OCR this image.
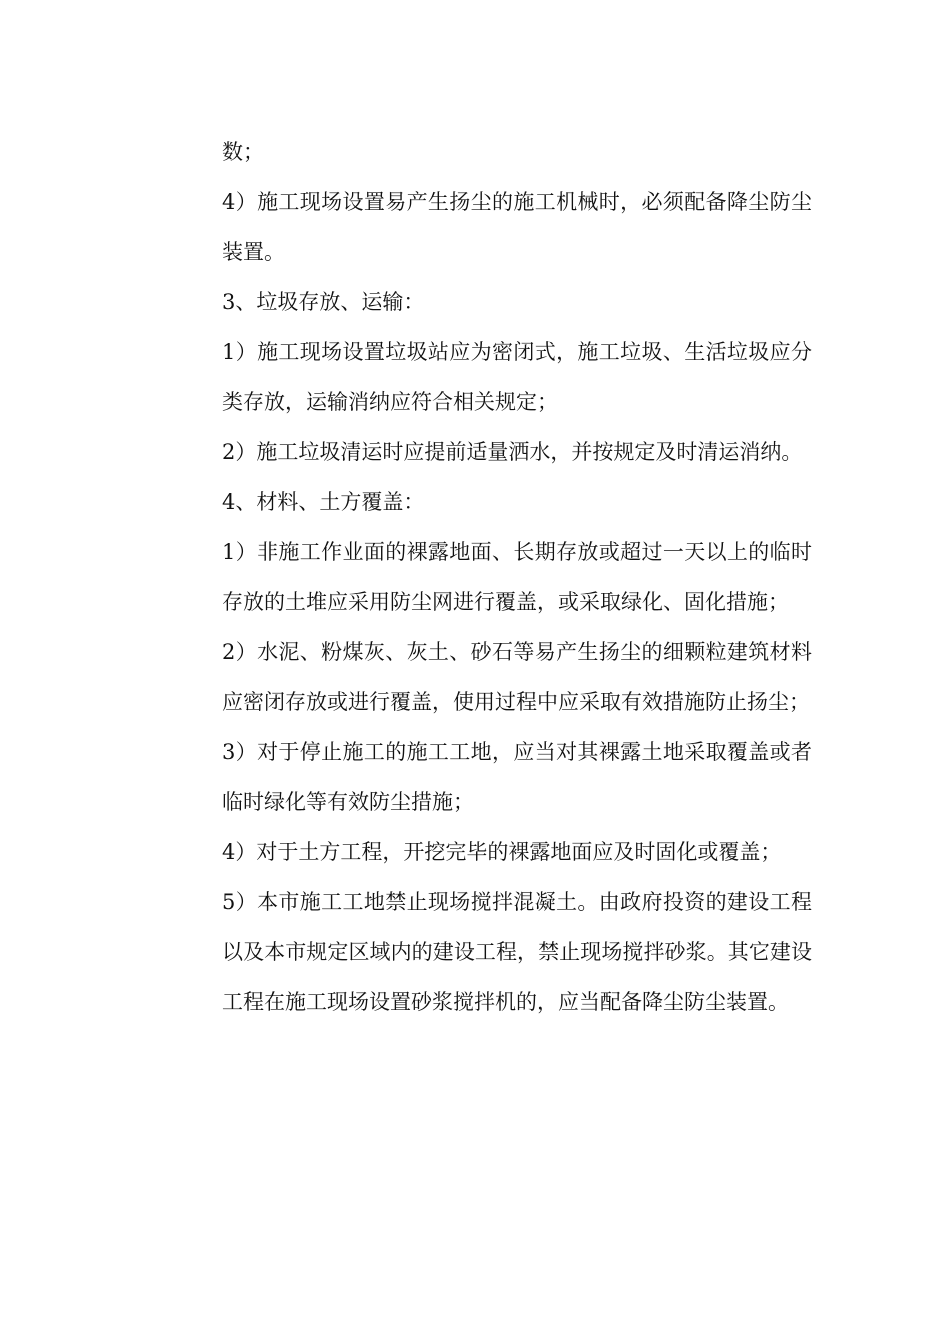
数；

4）施工现场设置易产生扬尘的施工机械时，必须配备降尘防尘装置。

3、垃圾存放、运输：

1）施工现场设置垃圾站应为密闭式，施工垃圾、生活垃圾应分类存放，运输消纳应符合相关规定；

2）施工垃圾清运时应提前适量洒水，并按规定及时清运消纳。

4、材料、土方覆盖：

1）非施工作业面的裸露地面、长期存放或超过一天以上的临时存放的土堆应采用防尘网进行覆盖，或采取绿化、固化措施；

2）水泥、粉煤灰、灰土、砂石等易产生扬尘的细颗粒建筑材料应密闭存放或进行覆盖，使用过程中应采取有效措施防止扬尘；

3）对于停止施工的施工工地，应当对其裸露土地采取覆盖或者临时绿化等有效防尘措施；

4）对于土方工程，开挖完毕的裸露地面应及时固化或覆盖；

5）本市施工工地禁止现场搅拌混凝土。由政府投资的建设工程以及本市规定区域内的建设工程，禁止现场搅拌砂浆。其它建设工程在施工现场设置砂浆搅拌机的，应当配备降尘防尘装置。
